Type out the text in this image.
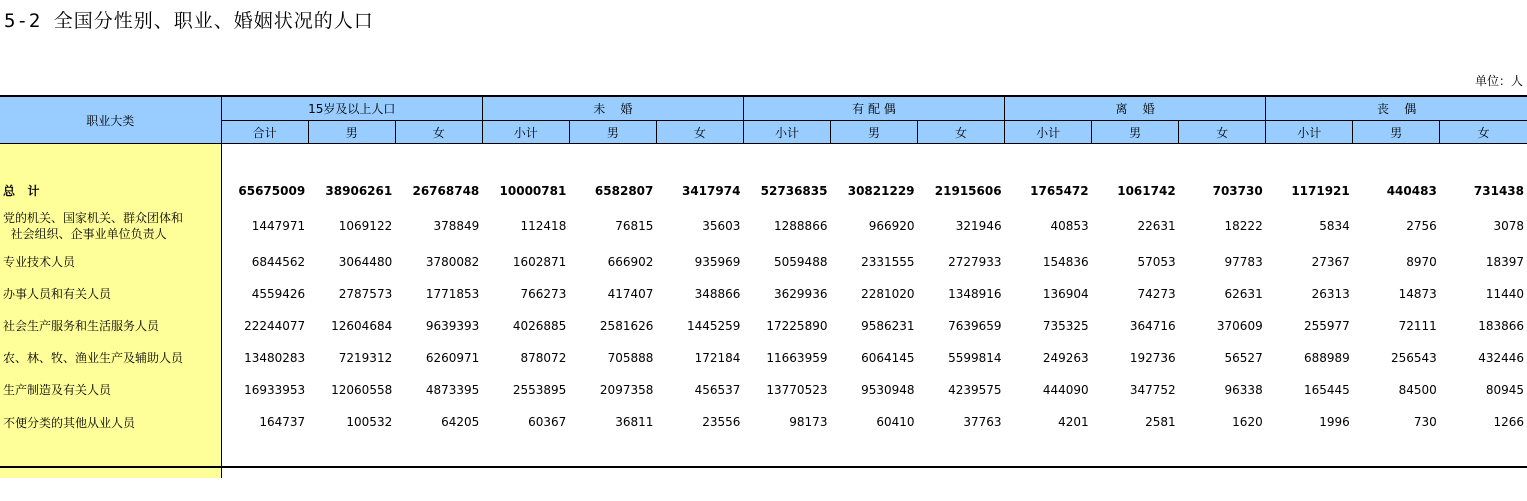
5-2 全国分性别、职业、婚姻状况的人口
单位：人
职业大类	15岁及以上人口			未    婚			有 配 偶			离    婚			丧    偶		
	合计	男	女	小计	男	女	小计	男	女	小计	男	女	小计	男	女

总   计	65675009	38906261	26768748	10000781	6582807	3417974	52736835	30821229	21915606	1765472	1061742	703730	1171921	440483	731438
党的机关、国家机关、群众团体和
社会组织、企事业单位负责人	1447971	1069122	378849	112418	76815	35603	1288866	966920	321946	40853	22631	18222	5834	2756	3078
专业技术人员	6844562	3064480	3780082	1602871	666902	935969	5059488	2331555	2727933	154836	57053	97783	27367	8970	18397
办事人员和有关人员	4559426	2787573	1771853	766273	417407	348866	3629936	2281020	1348916	136904	74273	62631	26313	14873	11440
社会生产服务和生活服务人员	22244077	12604684	9639393	4026885	2581626	1445259	17225890	9586231	7639659	735325	364716	370609	255977	72111	183866
农、林、牧、渔业生产及辅助人员	13480283	7219312	6260971	878072	705888	172184	11663959	6064145	5599814	249263	192736	56527	688989	256543	432446
生产制造及有关人员	16933953	12060558	4873395	2553895	2097358	456537	13770523	9530948	4239575	444090	347752	96338	165445	84500	80945
不便分类的其他从业人员	164737	100532	64205	60367	36811	23556	98173	60410	37763	4201	2581	1620	1996	730	1266
